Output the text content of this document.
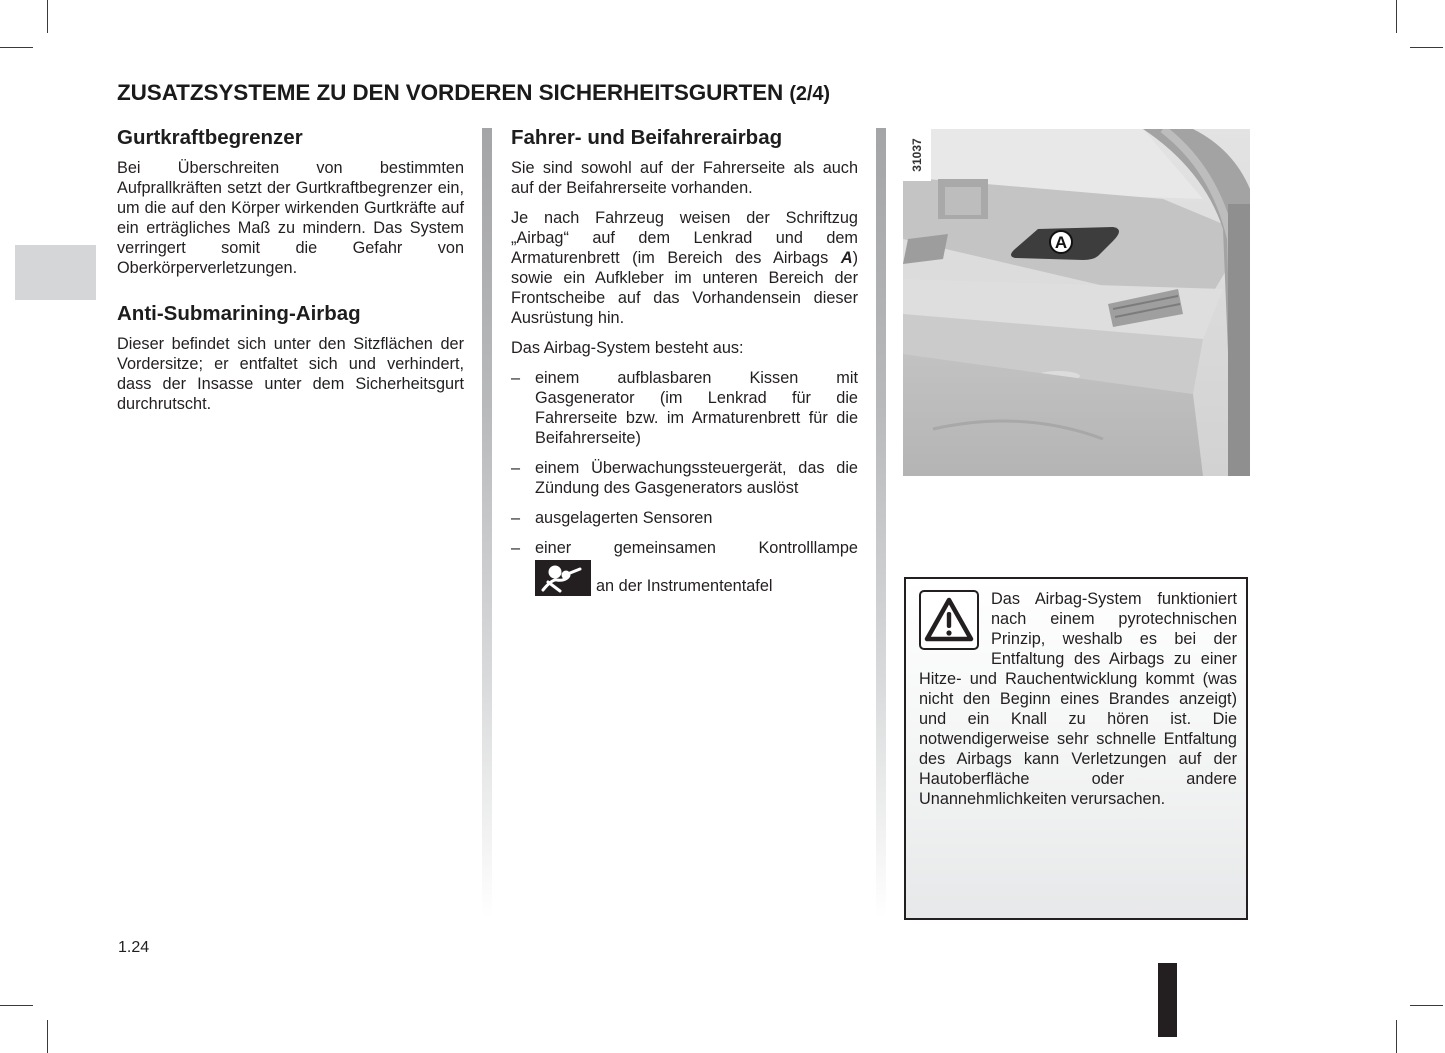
ZUSATZSYSTEME ZU DEN VORDEREN SICHERHEITSGURTEN (2/4)
Gurtkraftbegrenzer

Bei Überschreiten von bestimmten Aufprallkräften setzt der Gurtkraftbegrenzer ein, um die auf den Körper wirkenden Gurtkräfte auf ein erträgliches Maß zu mindern. Das System verringert somit die Gefahr von Oberkörperverletzungen.

Anti-Submarining-Airbag

Dieser befindet sich unter den Sitzflächen der Vordersitze; er entfaltet sich und verhindert, dass der Insasse unter dem Sicherheitsgurt durchrutscht.

Fahrer- und Beifahrerairbag

Sie sind sowohl auf der Fahrerseite als auch auf der Beifahrerseite vorhanden.

Je nach Fahrzeug weisen der Schriftzug „Airbag“ auf dem Lenkrad und dem Armaturenbrett (im Bereich des Airbags A) sowie ein Aufkleber im unteren Bereich der Frontscheibe auf das Vorhandensein dieser Ausrüstung hin.

Das Airbag-System besteht aus:

– einem aufblasbaren Kissen mit Gasgenerator (im Lenkrad für die Fahrerseite bzw. im Armaturenbrett für die Beifahrerseite)
– einem Überwachungssteuergerät, das die Zündung des Gasgenerators auslöst
– ausgelagerten Sensoren
– einer gemeinsamen Kontrolllampe
an der Instrumententafel
A
31037
Das Airbag-System funktioniert nach einem pyrotechnischen Prinzip, weshalb es bei der Entfaltung des Airbags zu einer Hitze- und Rauchentwicklung kommt (was nicht den Beginn eines Brandes anzeigt) und ein Knall zu hören ist. Die notwendigerweise sehr schnelle Entfaltung des Airbags kann Verletzungen auf der Hautoberfläche oder andere Unannehmlichkeiten verursachen.
1.24
